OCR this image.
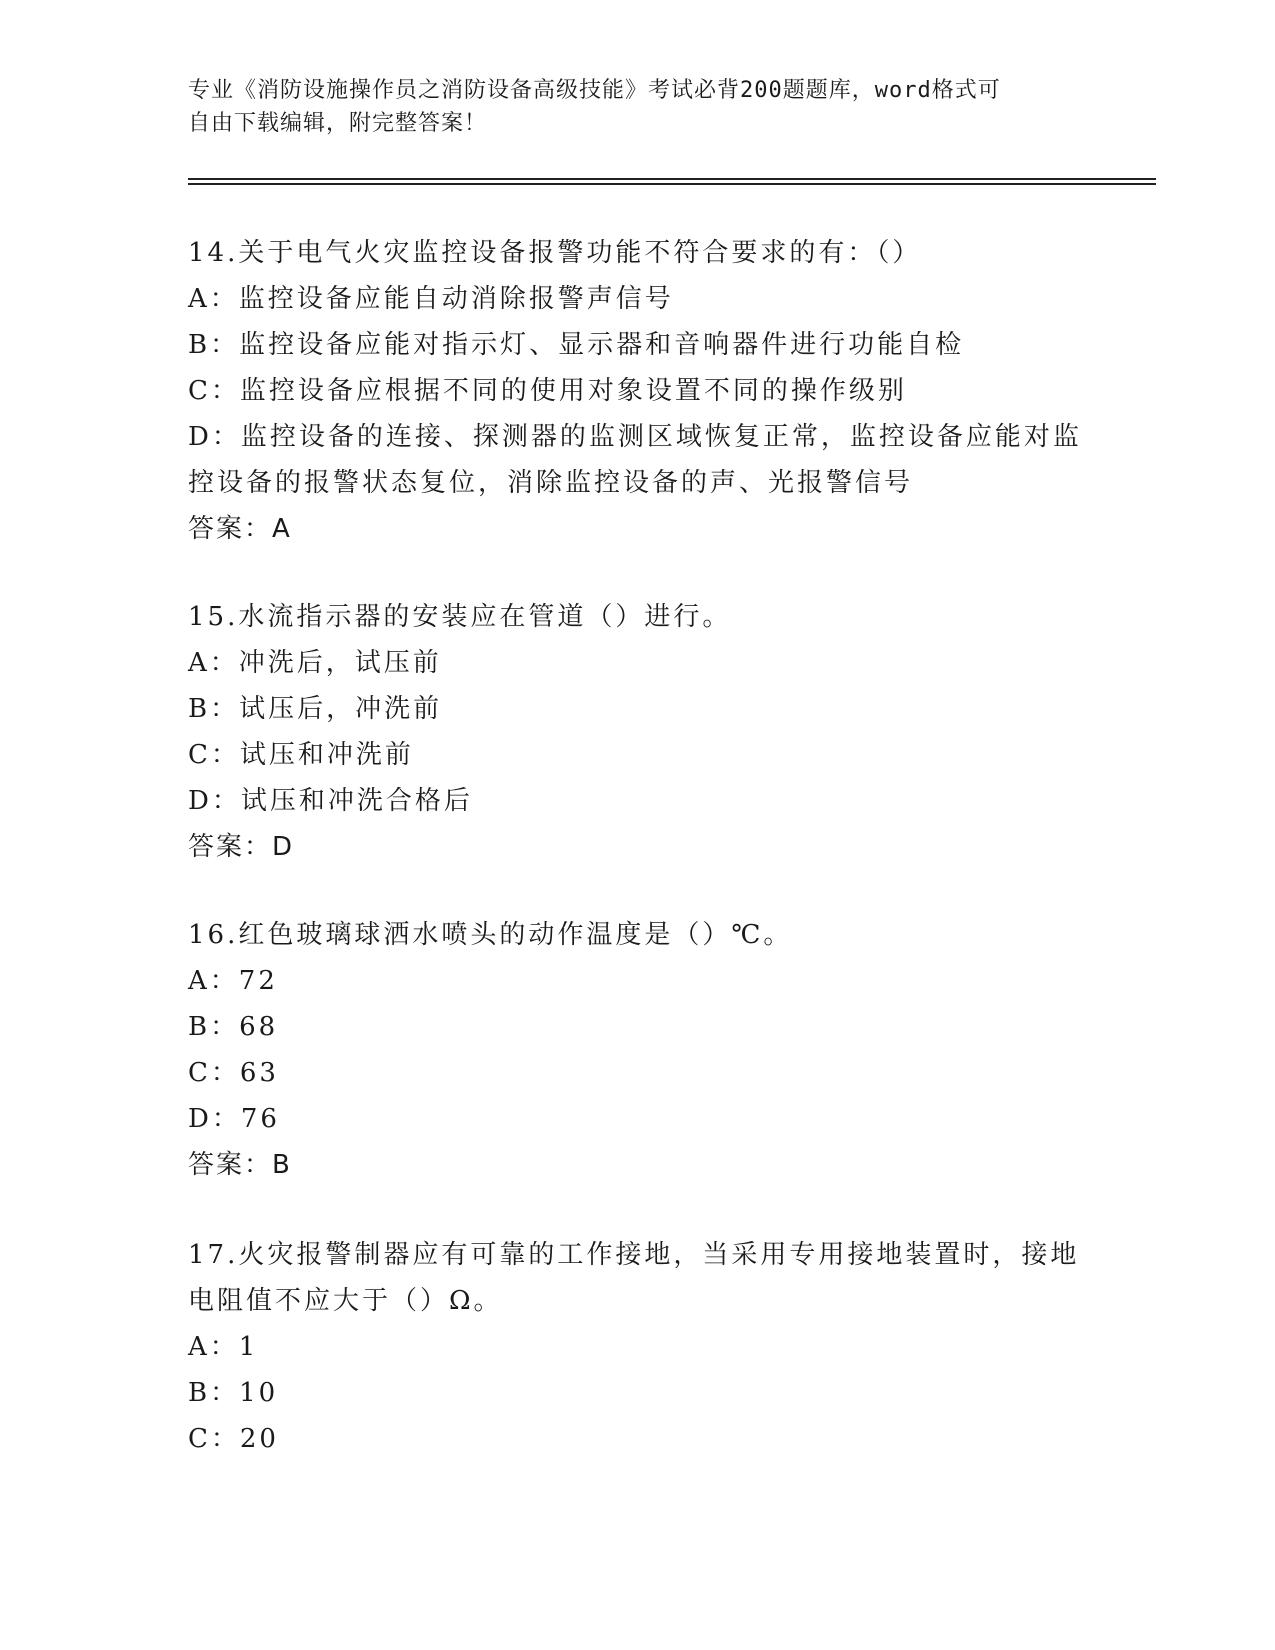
专业《消防设施操作员之消防设备高级技能》考试必背200题题库，word格式可
自由下载编辑，附完整答案！
14.关于电气火灾监控设备报警功能不符合要求的有：（）
A：监控设备应能自动消除报警声信号
B：监控设备应能对指示灯、显示器和音响器件进行功能自检
C：监控设备应根据不同的使用对象设置不同的操作级别
D：监控设备的连接、探测器的监测区域恢复正常，监控设备应能对监
控设备的报警状态复位，消除监控设备的声、光报警信号
答案：A
15.水流指示器的安装应在管道（）进行。
A：冲洗后，试压前
B：试压后，冲洗前
C：试压和冲洗前
D：试压和冲洗合格后
答案：D
16.红色玻璃球洒水喷头的动作温度是（）℃。
A：72
B：68
C：63
D：76
答案：B
17.火灾报警制器应有可靠的工作接地，当采用专用接地装置时，接地
电阻值不应大于（）Ω。
A：1
B：10
C：20
